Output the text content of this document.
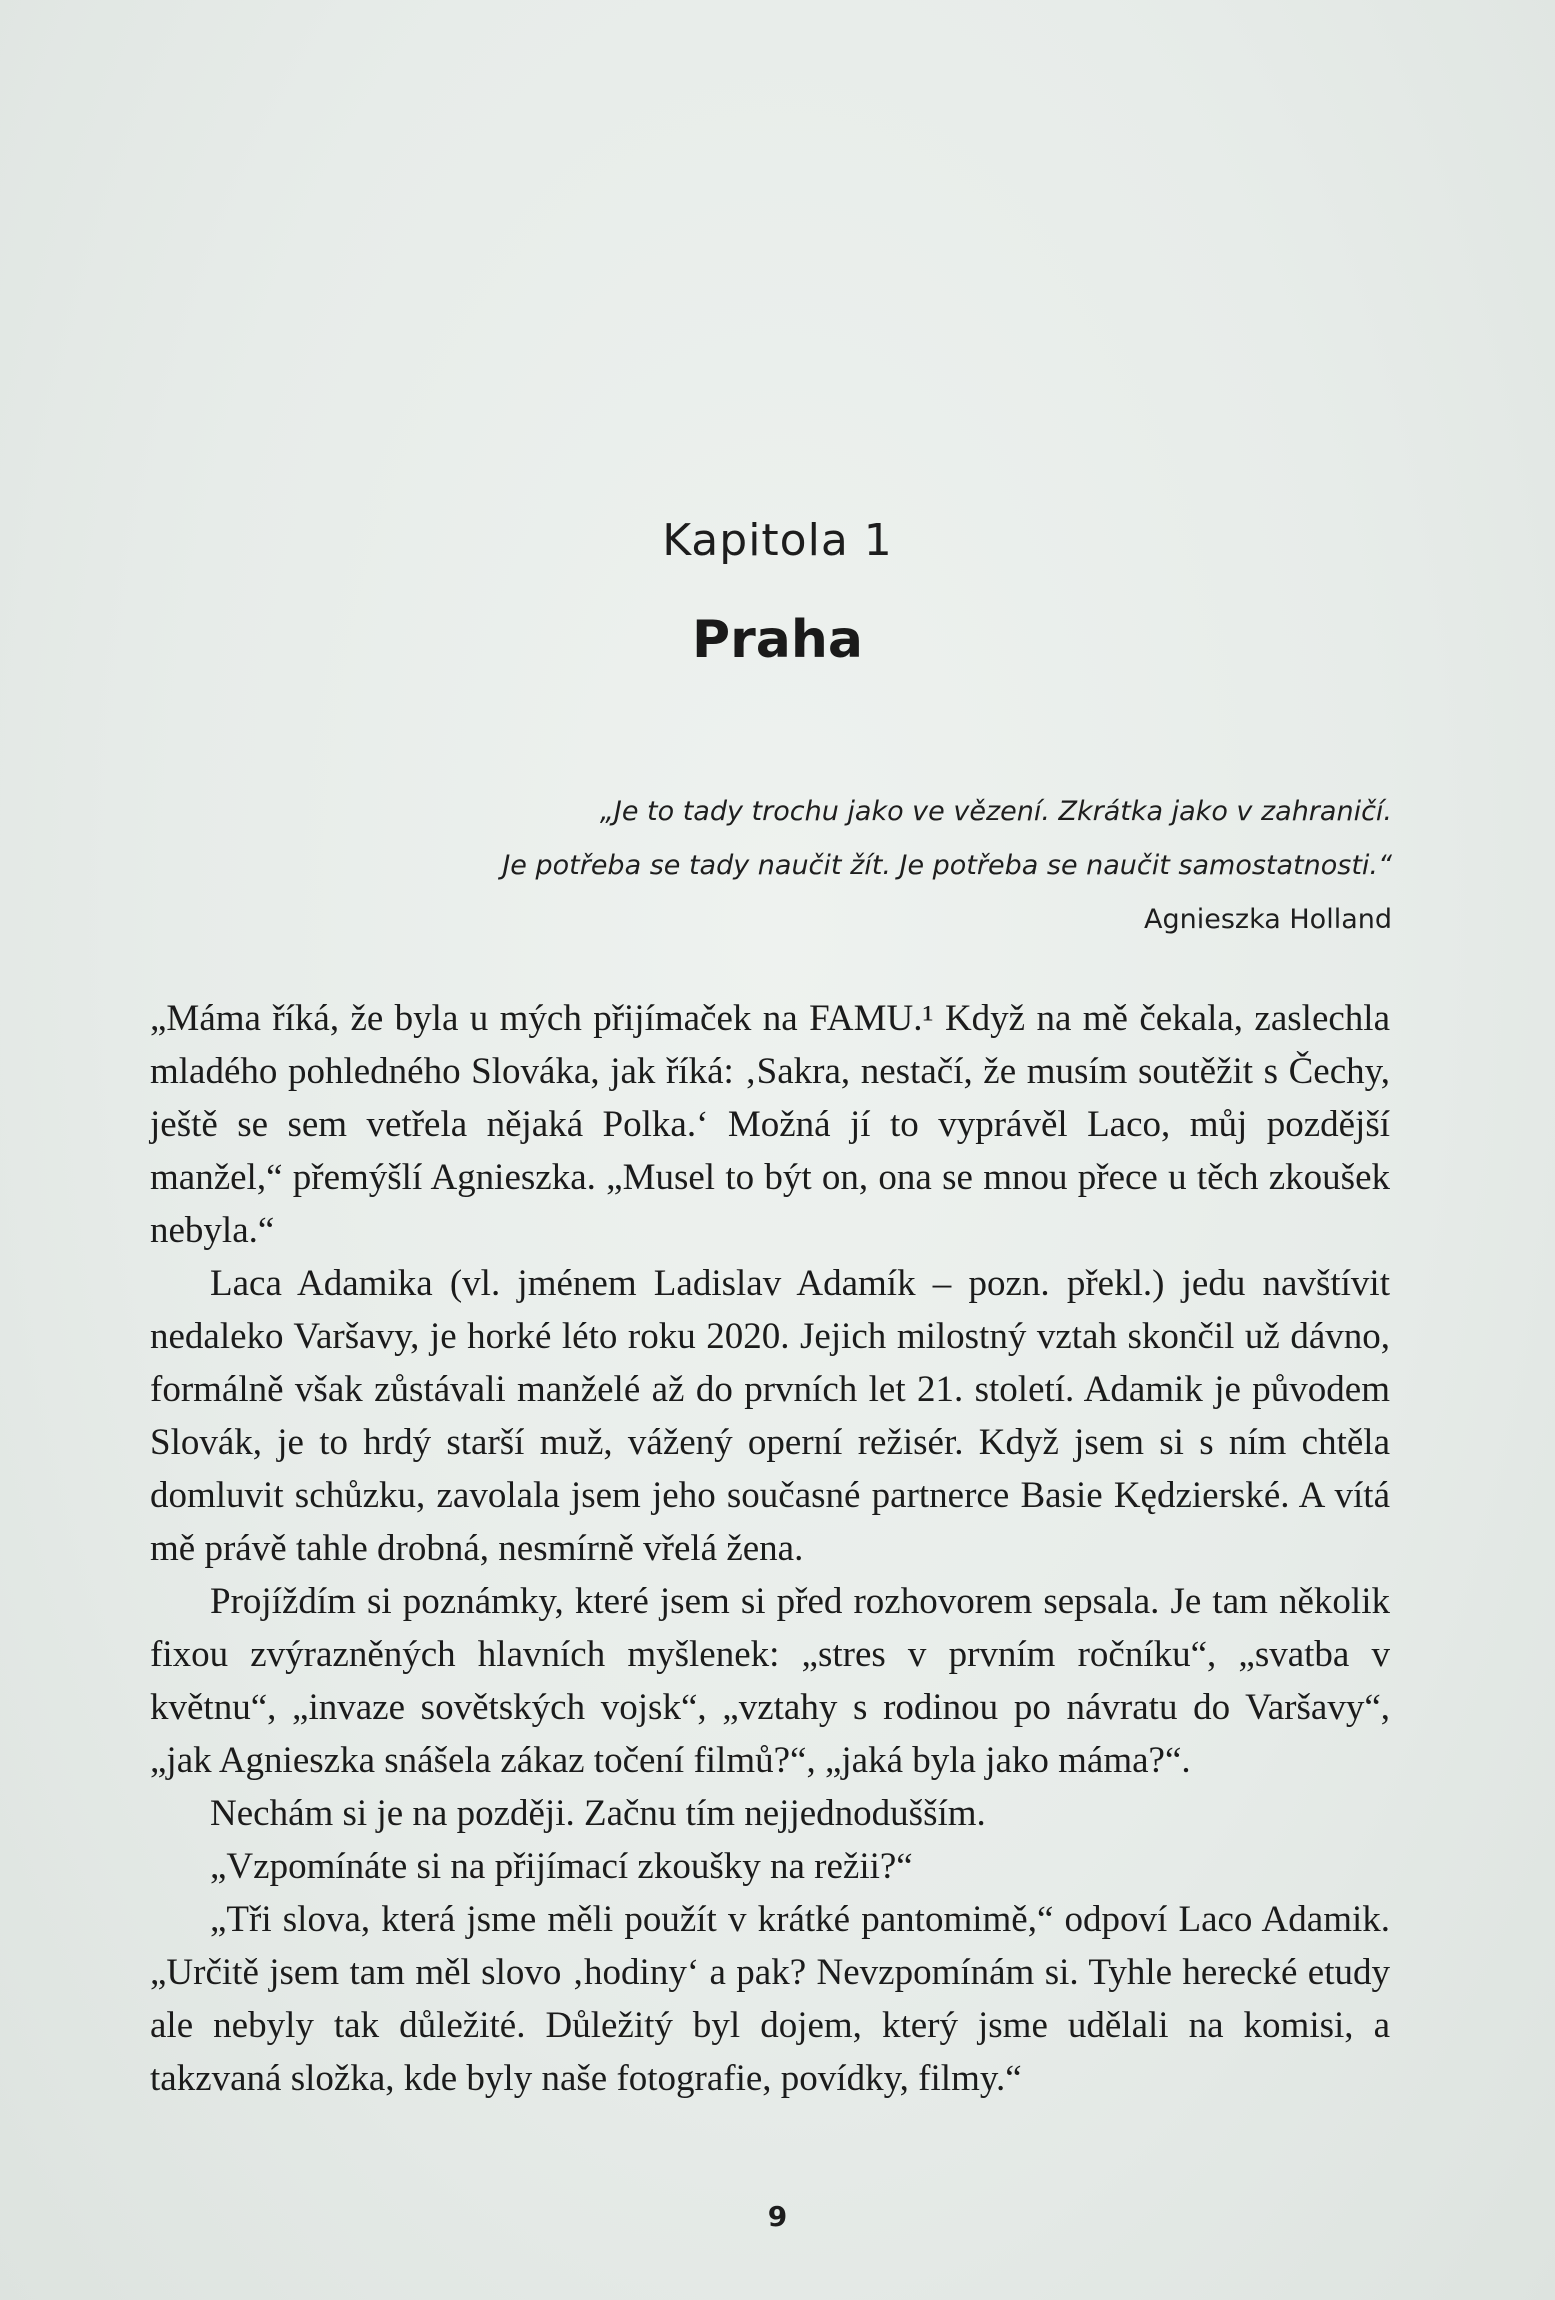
Kapitola 1
Praha
„Je to tady trochu jako ve vězení. Zkrátka jako v zahraničí.
Je potřeba se tady naučit žít. Je potřeba se naučit samostatnosti.“
Agnieszka Holland

„Máma říká, že byla u mých přijímaček na FAMU.¹ Když na mě čekala, zaslechla mladého pohledného Slováka, jak říká: ‚Sakra, nestačí, že musím soutěžit s Čechy, ještě se sem vetřela nějaká Polka.‘ Možná jí to vyprávěl Laco, můj pozdější manžel,“ přemýšlí Agnieszka. „Musel to být on, ona se mnou přece u těch zkoušek nebyla.“

Laca Adamika (vl. jménem Ladislav Adamík – pozn. překl.) jedu navštívit nedaleko Varšavy, je horké léto roku 2020. Jejich milostný vztah skončil už dávno, formálně však zůstávali manželé až do prvních let 21. století. Adamik je původem Slovák, je to hrdý starší muž, vážený operní režisér. Když jsem si s ním chtěla domluvit schůzku, zavolala jsem jeho současné partnerce Basie Kędzierské. A vítá mě právě tahle drobná, nesmírně vřelá žena.

Projíždím si poznámky, které jsem si před rozhovorem sepsala. Je tam několik fixou zvýrazněných hlavních myšlenek: „stres v prvním ročníku“, „svatba v květnu“, „invaze sovětských vojsk“, „vztahy s rodinou po návratu do Varšavy“, „jak Agnieszka snášela zákaz točení filmů?“, „jaká byla jako máma?“.

Nechám si je na později. Začnu tím nejjednodušším.

„Vzpomínáte si na přijímací zkoušky na režii?“

„Tři slova, která jsme měli použít v krátké pantomimě,“ odpoví Laco Adamik. „Určitě jsem tam měl slovo ‚hodiny‘ a pak? Nevzpomínám si. Tyhle herecké etudy ale nebyly tak důležité. Důležitý byl dojem, který jsme udělali na komisi, a takzvaná složka, kde byly naše fotografie, povídky, filmy.“

9
